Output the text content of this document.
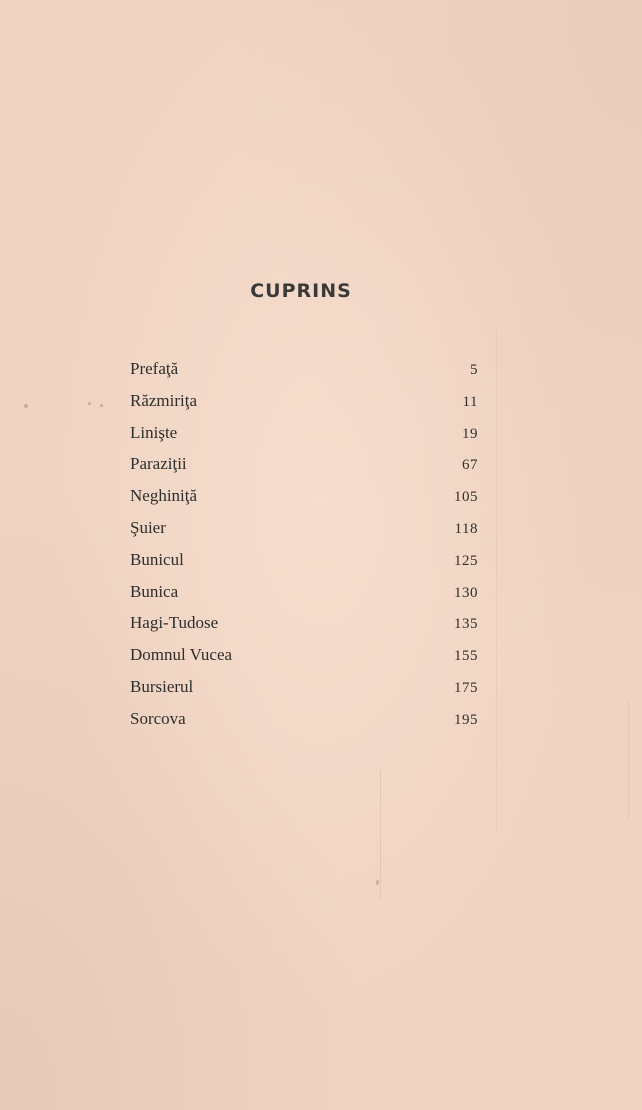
CUPRINS
Prefaţă	5
Răzmiriţa	11
Linişte	19
Paraziţii	67
Neghiniţă	105
Şuier	118
Bunicul	125
Bunica	130
Hagi-Tudose	135
Domnul Vucea	155
Bursierul	175
Sorcova	195
